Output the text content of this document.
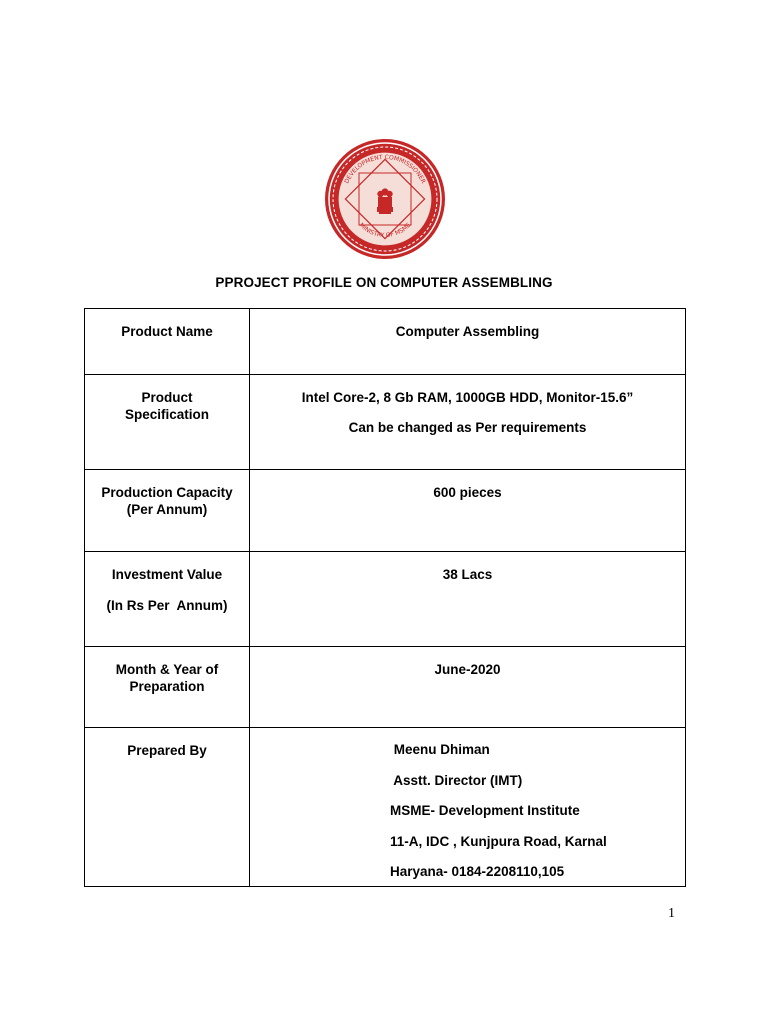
DEVELOPMENT COMMISSIONER
MINISTRY OF MSME
PPROJECT PROFILE ON COMPUTER ASSEMBLING
Product Name	Computer Assembling

Product
Specification	Intel Core-2, 8 Gb RAM, 1000GB HDD, Monitor-15.6”
Can be changed as Per requirements

Production Capacity
(Per Annum)	600 pieces

Investment Value
(In Rs Per  Annum)	38 Lacs

Month & Year of
Preparation	June-2020

Prepared By	Meenu Dhiman
Asstt. Director (IMT)
MSME- Development Institute
11-A, IDC , Kunjpura Road, Karnal
Haryana- 0184-2208110,105
1
